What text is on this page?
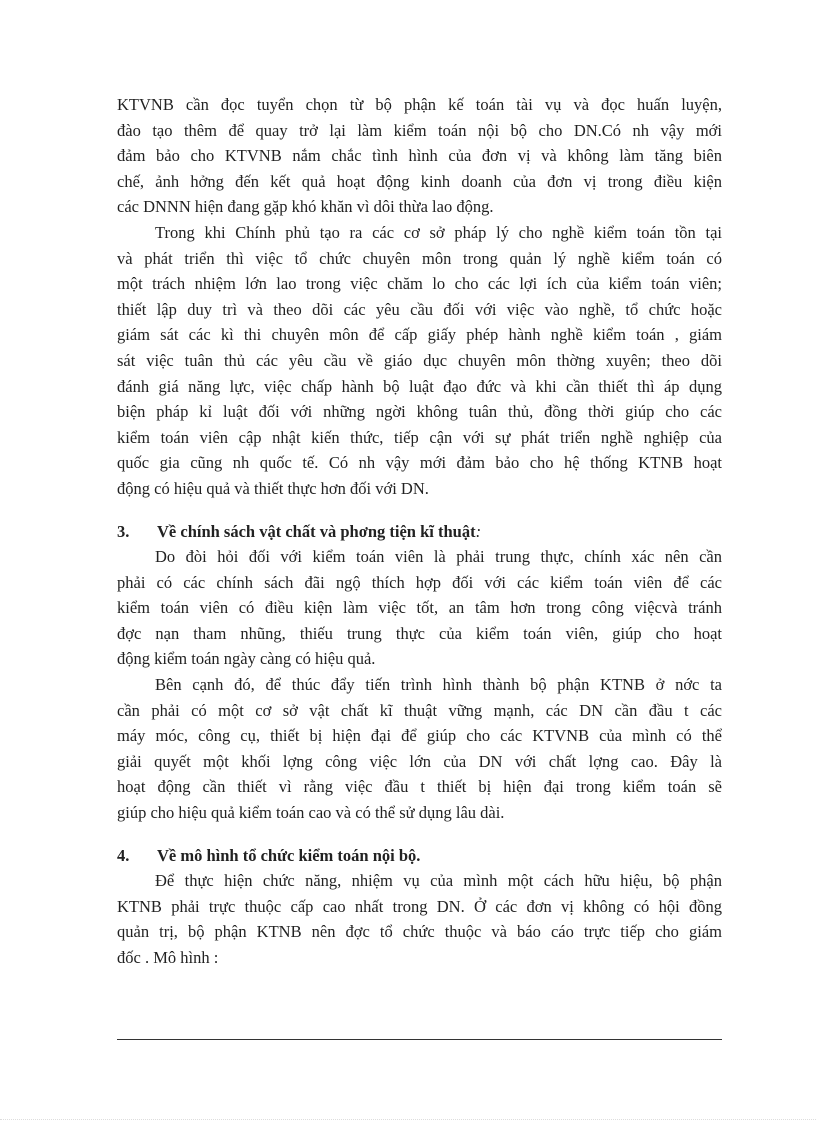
KTVNB cần đọc tuyển chọn từ bộ phận kế toán tài vụ và đọc huấn luyện,
đào tạo thêm để quay trở lại làm kiểm toán nội bộ cho DN.Có nh vậy mới
đảm bảo cho KTVNB nắm chắc tình hình của đơn vị và không làm tăng biên
chế, ảnh hởng đến kết quả hoạt động kinh doanh của đơn vị trong điều kiện
các DNNN hiện đang gặp khó khăn vì dôi thừa lao động.
Trong khi Chính phủ tạo ra các cơ sở pháp lý cho nghề kiểm toán tồn tại
và phát triển thì việc tổ chức chuyên môn trong quản lý nghề kiểm toán có
một trách nhiệm lớn lao trong việc chăm lo cho các lợi ích của kiểm toán viên;
thiết lập duy trì và theo dõi các yêu cầu đối với việc vào nghề, tổ chức hoặc
giám sát các kì thi chuyên môn để cấp giấy phép hành nghề kiểm toán , giám
sát việc tuân thủ các yêu cầu về giáo dục chuyên môn thờng xuyên; theo dõi
đánh giá năng lực, việc chấp hành bộ luật đạo đức và khi cần thiết thì áp dụng
biện pháp kỉ luật đối với những ngời không tuân thủ, đồng thời giúp cho các
kiểm toán viên cập nhật kiến thức, tiếp cận với sự phát triển nghề nghiệp của
quốc gia cũng nh quốc tế. Có nh vậy mới đảm bảo cho hệ thống KTNB hoạt
động có hiệu quả và thiết thực hơn đối với DN.
3. Về chính sách vật chất và phơng tiện kĩ thuật:
Do đòi hỏi đối với kiểm toán viên là phải trung thực, chính xác nên cần
phải có các chính sách đãi ngộ thích hợp đối với các kiểm toán viên để các
kiểm toán viên có điều kiện làm việc tốt, an tâm hơn trong công việcvà tránh
đợc nạn tham nhũng, thiếu trung thực của kiểm toán viên, giúp cho hoạt
động kiểm toán ngày càng có hiệu quả.
Bên cạnh đó, để thúc đẩy tiến trình hình thành bộ phận KTNB ở nớc ta
cần phải có một cơ sở vật chất kĩ thuật vững mạnh, các DN cần đầu t các
máy móc, công cụ, thiết bị hiện đại để giúp cho các KTVNB của mình có thể
giải quyết một khối lợng công việc lớn của DN với chất lợng cao. Đây là
hoạt động cần thiết vì rằng việc đầu t thiết bị hiện đại trong kiểm toán sẽ
giúp cho hiệu quả kiểm toán cao và có thể sử dụng lâu dài.
4. Về mô hình tổ chức kiểm toán nội bộ.
Để thực hiện chức năng, nhiệm vụ của mình một cách hữu hiệu, bộ phận
KTNB phải trực thuộc cấp cao nhất trong DN. Ở các đơn vị không có hội đồng
quản trị, bộ phận KTNB nên đợc tổ chức thuộc và báo cáo trực tiếp cho giám
đốc . Mô hình :
